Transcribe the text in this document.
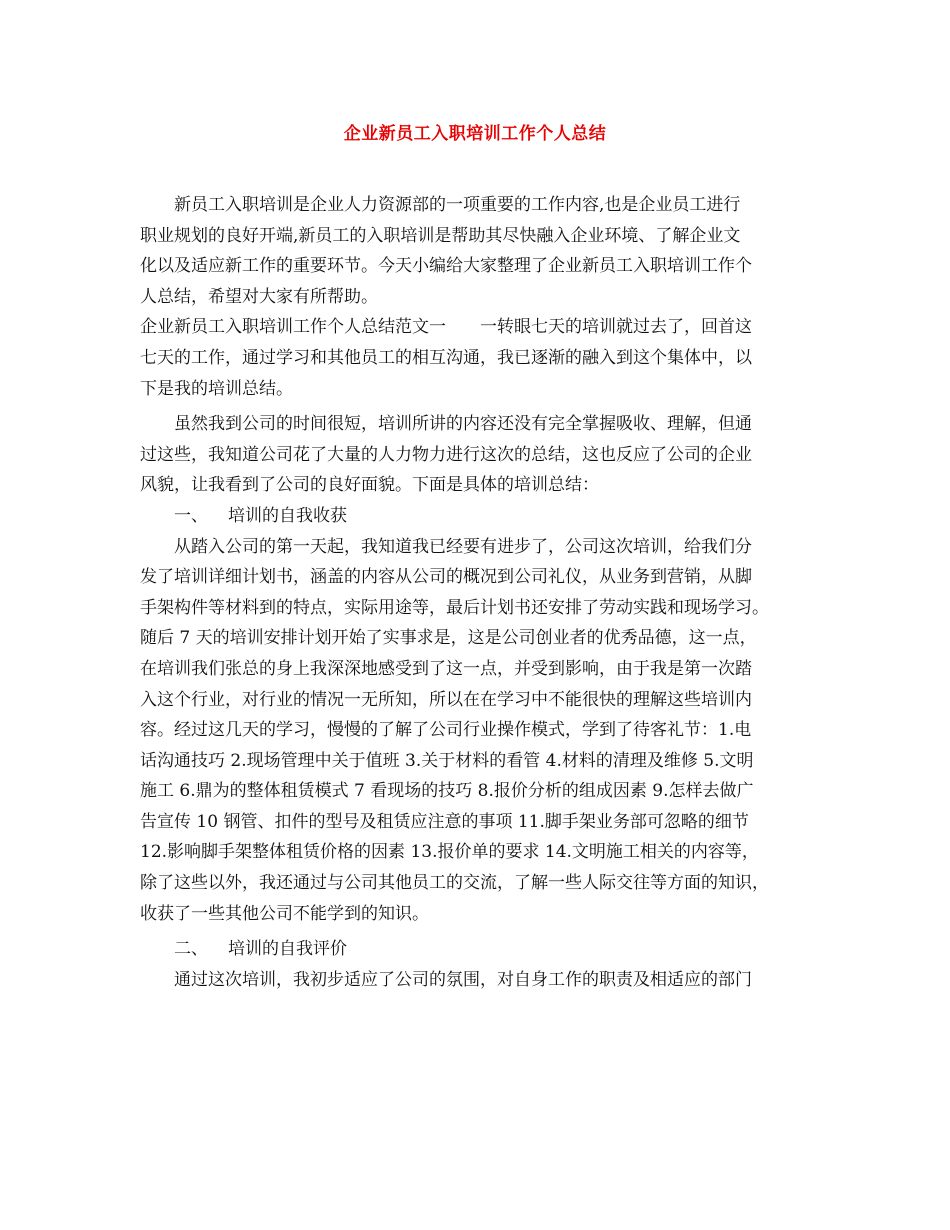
企业新员工入职培训工作个人总结
新员工入职培训是企业人力资源部的一项重要的工作内容,也是企业员工进行
职业规划的良好开端,新员工的入职培训是帮助其尽快融入企业环境、了解企业文
化以及适应新工作的重要环节。今天小编给大家整理了企业新员工入职培训工作个
人总结，希望对大家有所帮助。
企业新员工入职培训工作个人总结范文一　　一转眼七天的培训就过去了，回首这
七天的工作，通过学习和其他员工的相互沟通，我已逐渐的融入到这个集体中，以
下是我的培训总结。
虽然我到公司的时间很短，培训所讲的内容还没有完全掌握吸收、理解，但通
过这些，我知道公司花了大量的人力物力进行这次的总结，这也反应了公司的企业
风貌，让我看到了公司的良好面貌。下面是具体的培训总结：
一、 培训的自我收获
从踏入公司的第一天起，我知道我已经要有进步了，公司这次培训，给我们分
发了培训详细计划书，涵盖的内容从公司的概况到公司礼仪，从业务到营销，从脚
手架构件等材料到的特点，实际用途等，最后计划书还安排了劳动实践和现场学习。
随后 7 天的培训安排计划开始了实事求是，这是公司创业者的优秀品德，这一点，
在培训我们张总的身上我深深地感受到了这一点，并受到影响，由于我是第一次踏
入这个行业，对行业的情况一无所知，所以在在学习中不能很快的理解这些培训内
容。经过这几天的学习，慢慢的了解了公司行业操作模式，学到了待客礼节：1.电
话沟通技巧 2.现场管理中关于值班 3.关于材料的看管 4.材料的清理及维修 5.文明
施工 6.鼎为的整体租赁模式 7 看现场的技巧 8.报价分析的组成因素 9.怎样去做广
告宣传 10 钢管、扣件的型号及租赁应注意的事项 11.脚手架业务部可忽略的细节
12.影响脚手架整体租赁价格的因素 13.报价单的要求 14.文明施工相关的内容等，
除了这些以外，我还通过与公司其他员工的交流，了解一些人际交往等方面的知识，
收获了一些其他公司不能学到的知识。
二、 培训的自我评价
通过这次培训，我初步适应了公司的氛围，对自身工作的职责及相适应的部门
